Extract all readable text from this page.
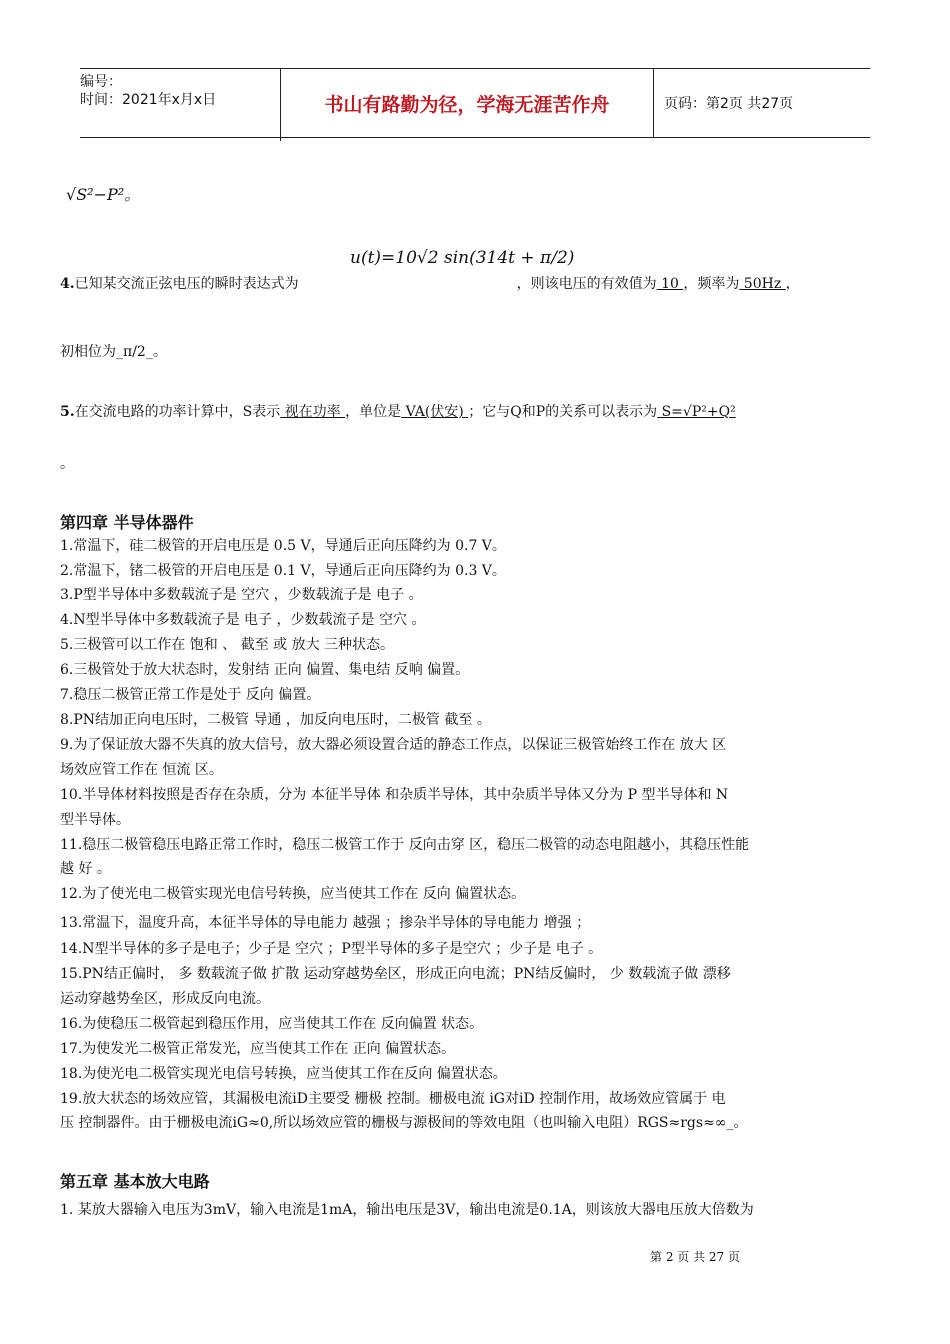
编号：
时间：2021年x月x日	书山有路勤为径，学海无涯苦作舟	页码：第2页 共27页
√S²−P²。
u(t)=10√2 sin(314t + π/2)
4.已知某交流正弦电压的瞬时表达式为	，则该电压的有效值为 10 ，频率为 50Hz ，
初相位为_π/2_。
5.在交流电路的功率计算中，S表示 视在功率 ，单位是 VA(伏安) ；它与Q和P的关系可以表示为 S=√P²+Q²
。
第四章 半导体器件
1.常温下，硅二极管的开启电压是 0.5 V，导通后正向压降约为 0.7 V。
2.常温下，锗二极管的开启电压是 0.1 V，导通后正向压降约为 0.3 V。
3.P型半导体中多数载流子是 空穴 ，少数载流子是 电子 。
4.N型半导体中多数载流子是 电子 ，少数载流子是 空穴 。
5.三极管可以工作在 饱和 、 截至 或 放大 三种状态。
6.三极管处于放大状态时，发射结 正向 偏置、集电结 反响 偏置。
7.稳压二极管正常工作是处于 反向 偏置。
8.PN结加正向电压时，二极管 导通 ，加反向电压时，二极管 截至 。
9.为了保证放大器不失真的放大信号，放大器必须设置合适的静态工作点，以保证三极管始终工作在 放大 区
场效应管工作在 恒流 区。
10.半导体材料按照是否存在杂质，分为 本征半导体 和杂质半导体，其中杂质半导体又分为 P 型半导体和 N
型半导体。
11.稳压二极管稳压电路正常工作时，稳压二极管工作于 反向击穿 区，稳压二极管的动态电阻越小，其稳压性能
越 好 。
12.为了使光电二极管实现光电信号转换，应当使其工作在 反向 偏置状态。
13.常温下，温度升高，本征半导体的导电能力 越强 ；掺杂半导体的导电能力 增强 ；
14.N型半导体的多子是电子；少子是 空穴 ；P型半导体的多子是空穴 ；少子是 电子 。
15.PN结正偏时， 多 数载流子做 扩散 运动穿越势垒区，形成正向电流；PN结反偏时， 少 数载流子做 漂移
运动穿越势垒区，形成反向电流。
16.为使稳压二极管起到稳压作用，应当使其工作在 反向偏置 状态。
17.为使发光二极管正常发光，应当使其工作在 正向 偏置状态。
18.为使光电二极管实现光电信号转换，应当使其工作在反向 偏置状态。
19.放大状态的场效应管，其漏极电流iD主要受 栅极 控制。栅极电流 iG对iD 控制作用，故场效应管属于 电
压 控制器件。由于栅极电流iG≈0,所以场效应管的栅极与源极间的等效电阻（也叫输入电阻）RGS≈rgs≈∞_。
第五章 基本放大电路
1. 某放大器输入电压为3mV，输入电流是1mA，输出电压是3V，输出电流是0.1A，则该放大器电压放大倍数为
第 2 页 共 27 页
